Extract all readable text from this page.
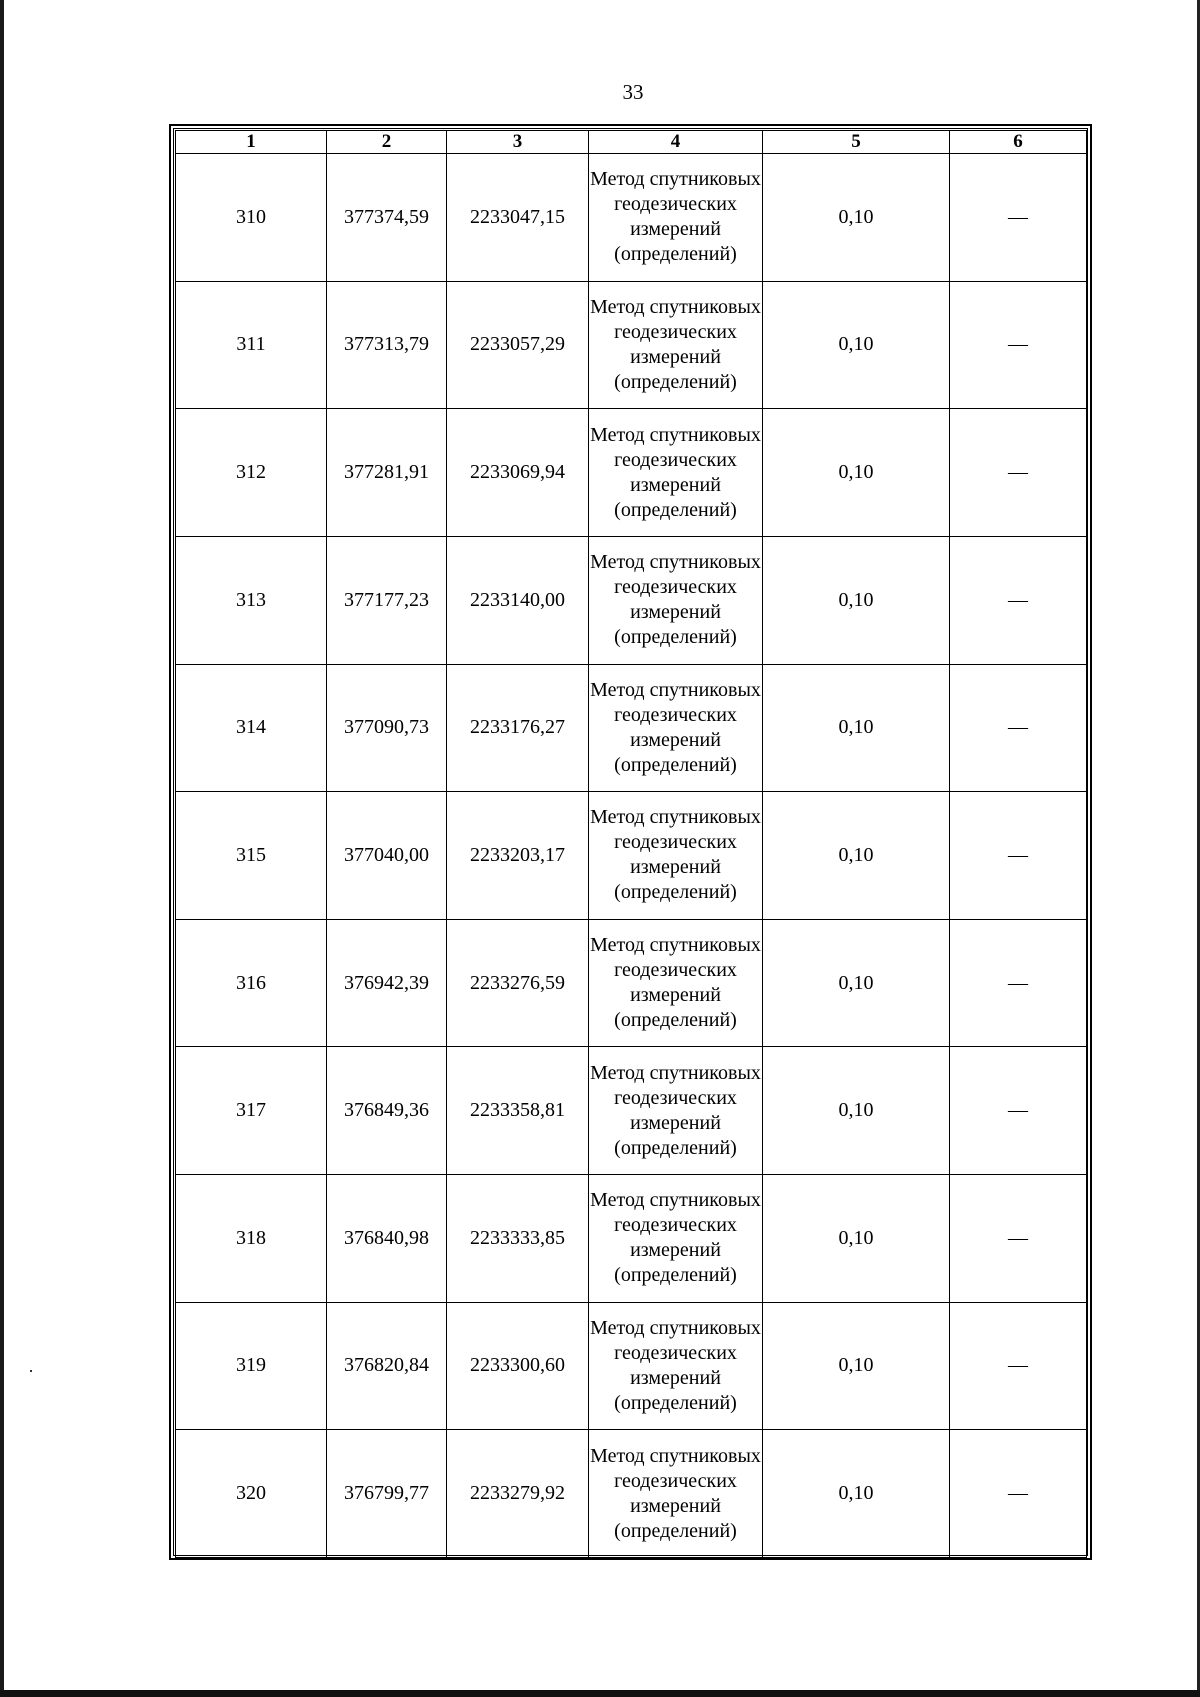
33
1	2	3	4	5	6
310	377374,59	2233047,15	Метод спутниковых геодезических измерений (определений)	0,10	—
311	377313,79	2233057,29	Метод спутниковых геодезических измерений (определений)	0,10	—
312	377281,91	2233069,94	Метод спутниковых геодезических измерений (определений)	0,10	—
313	377177,23	2233140,00	Метод спутниковых геодезических измерений (определений)	0,10	—
314	377090,73	2233176,27	Метод спутниковых геодезических измерений (определений)	0,10	—
315	377040,00	2233203,17	Метод спутниковых геодезических измерений (определений)	0,10	—
316	376942,39	2233276,59	Метод спутниковых геодезических измерений (определений)	0,10	—
317	376849,36	2233358,81	Метод спутниковых геодезических измерений (определений)	0,10	—
318	376840,98	2233333,85	Метод спутниковых геодезических измерений (определений)	0,10	—
319	376820,84	2233300,60	Метод спутниковых геодезических измерений (определений)	0,10	—
320	376799,77	2233279,92	Метод спутниковых геодезических измерений (определений)	0,10	—
